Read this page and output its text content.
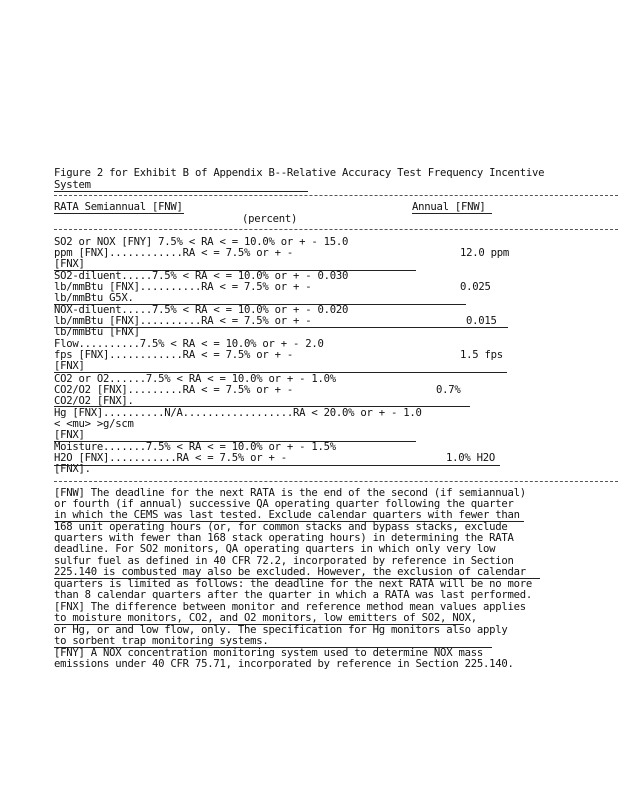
Figure 2 for Exhibit B of Appendix B--Relative Accuracy Test Frequency Incentive
System
RATA Semiannual [FNW]	Annual [FNW]
(percent)
SO2 or NOX [FNY] 7.5% < RA < = 10.0% or + - 15.0
ppm [FNX]............RA < = 7.5% or + -	12.0 ppm
[FNX]
SO2-diluent.....7.5% < RA < = 10.0% or + - 0.030
lb/mmBtu [FNX]..........RA < = 7.5% or + -	0.025
lb/mmBtu G5X.
NOX-diluent.....7.5% < RA < = 10.0% or + - 0.020
lb/mmBtu [FNX]..........RA < = 7.5% or + -	0.015
lb/mmBtu [FNX]
Flow..........7.5% < RA < = 10.0% or + - 2.0
fps [FNX]............RA < = 7.5% or + -	1.5 fps
[FNX]
CO2 or O2......7.5% < RA < = 10.0% or + - 1.0%
CO2/O2 [FNX].........RA < = 7.5% or + -	0.7%
CO2/O2 [FNX].
Hg [FNX]..........N/A..................RA < 20.0% or + - 1.0
< <mu> >g/scm
[FNX]
Moisture.......7.5% < RA < = 10.0% or + - 1.5%
H2O [FNX]...........RA < = 7.5% or + -	1.0% H2O
[FNX].
[FNW] The deadline for the next RATA is the end of the second (if semiannual)
or fourth (if annual) successive QA operating quarter following the quarter
in which the CEMS was last tested. Exclude calendar quarters with fewer than
168 unit operating hours (or, for common stacks and bypass stacks, exclude
quarters with fewer than 168 stack operating hours) in determining the RATA
deadline. For SO2 monitors, QA operating quarters in which only very low
sulfur fuel as defined in 40 CFR 72.2, incorporated by reference in Section
225.140 is combusted may also be excluded. However, the exclusion of calendar
quarters is limited as follows: the deadline for the next RATA will be no more
than 8 calendar quarters after the quarter in which a RATA was last performed.
[FNX] The difference between monitor and reference method mean values applies
to moisture monitors, CO2, and O2 monitors, low emitters of SO2, NOX,
or Hg, or and low flow, only. The specification for Hg monitors also apply
to sorbent trap monitoring systems.
[FNY] A NOX concentration monitoring system used to determine NOX mass
emissions under 40 CFR 75.71, incorporated by reference in Section 225.140.
